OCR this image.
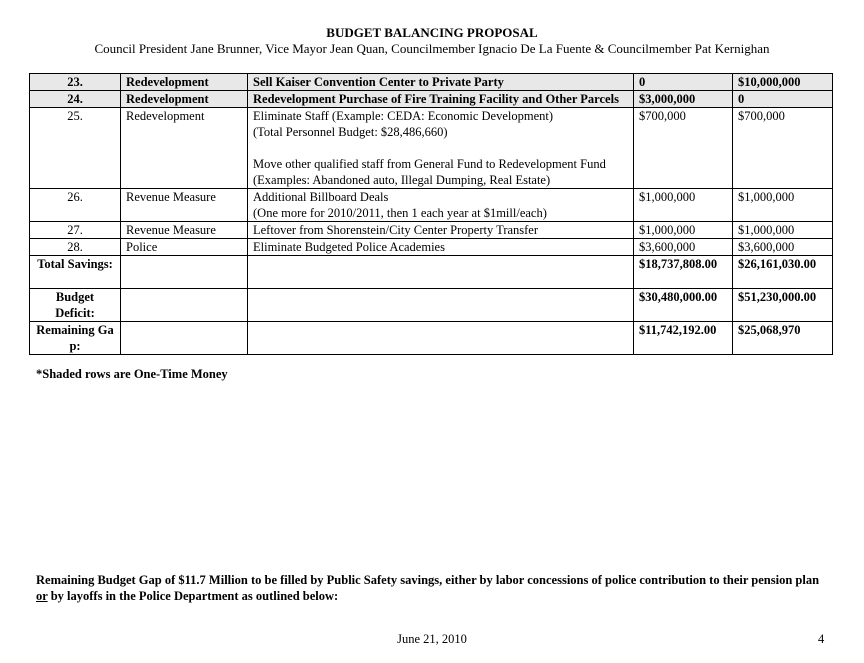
BUDGET BALANCING PROPOSAL
Council President Jane Brunner, Vice Mayor Jean Quan, Councilmember Ignacio De La Fuente & Councilmember Pat Kernighan
23.	Redevelopment	Sell Kaiser Convention Center to Private Party	0	$10,000,000
24.	Redevelopment	Redevelopment Purchase of Fire Training Facility and Other Parcels	$3,000,000	0
25.	Redevelopment	Eliminate Staff (Example: CEDA: Economic Development)
(Total Personnel Budget: $28,486,660)
Move other qualified staff from General Fund to Redevelopment Fund (Examples: Abandoned auto, Illegal Dumping, Real Estate)	$700,000	$700,000
26.	Revenue Measure	Additional Billboard Deals
(One more for 2010/2011, then 1 each year at $1mill/each)	$1,000,000	$1,000,000
27.	Revenue Measure	Leftover from Shorenstein/City Center Property Transfer	$1,000,000	$1,000,000
28.	Police	Eliminate Budgeted Police Academies	$3,600,000	$3,600,000
Total Savings:			$18,737,808.00	$26,161,030.00
Budget Deficit:			$30,480,000.00	$51,230,000.00
Remaining Gap:			$11,742,192.00	$25,068,970
*Shaded rows are One-Time Money
Remaining Budget Gap of $11.7 Million to be filled by Public Safety savings, either by labor concessions of police contribution to their pension plan or by layoffs in the Police Department as outlined below:
June 21, 2010	4
